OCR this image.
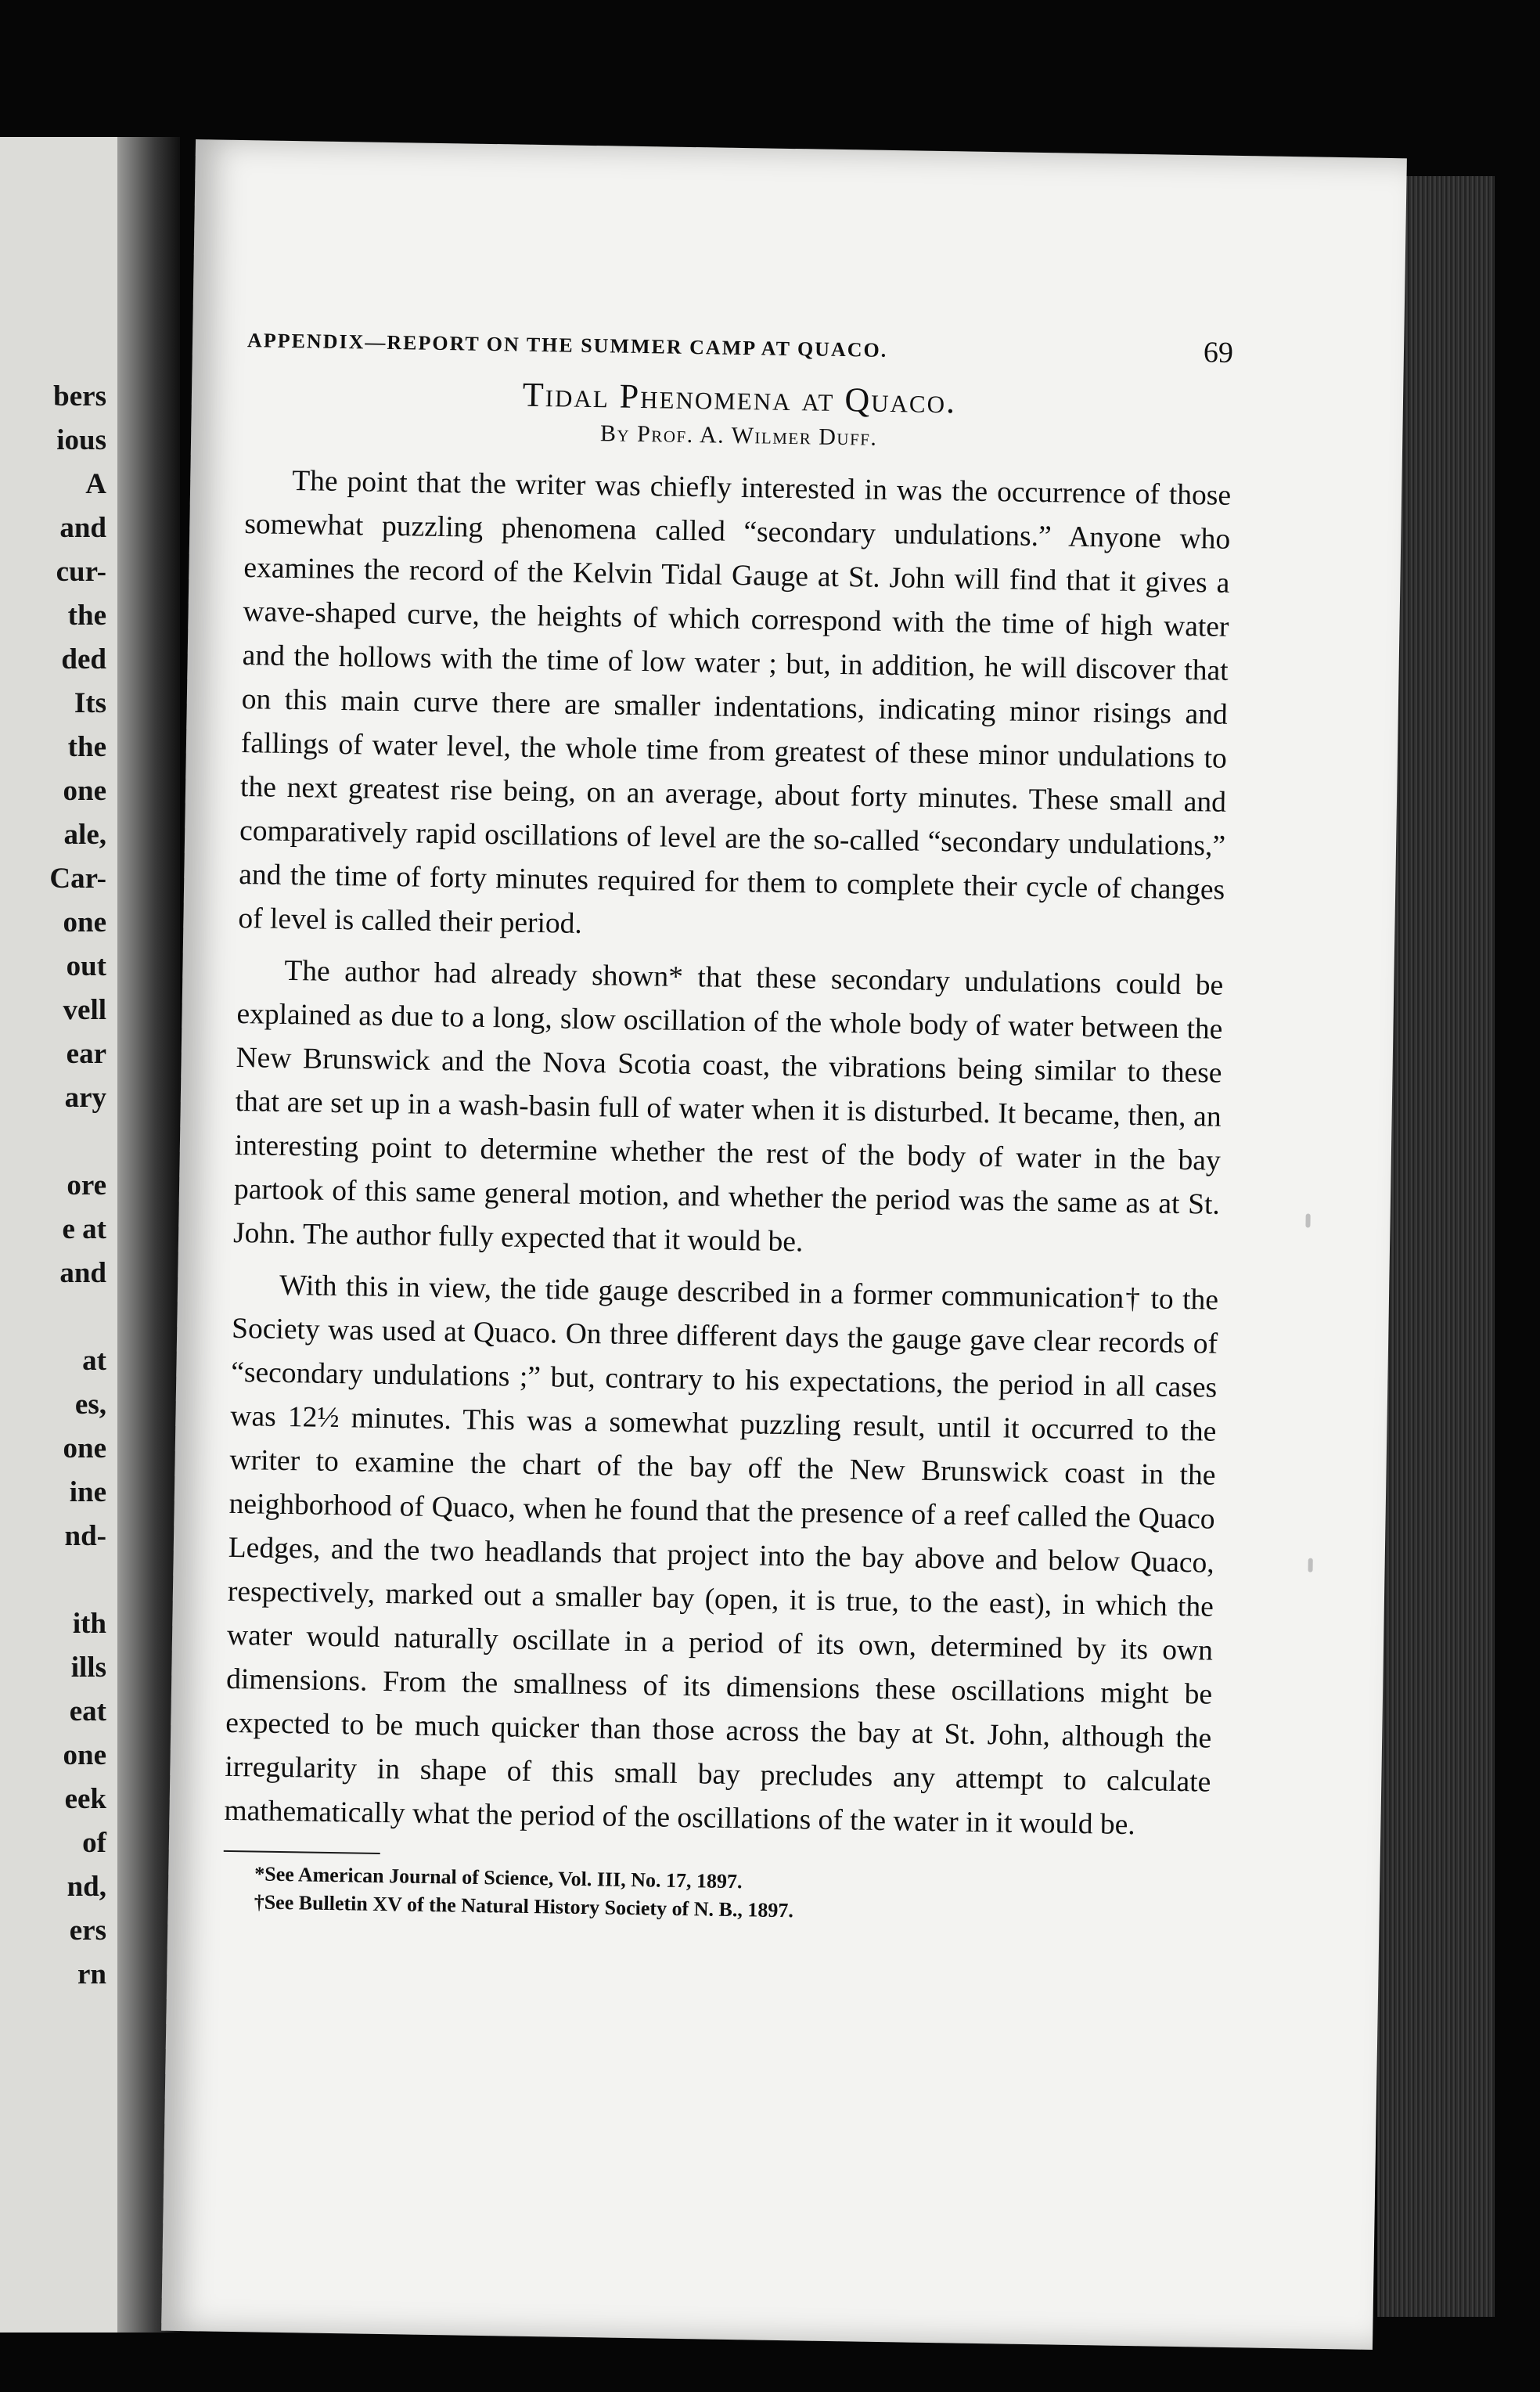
bers
ious
A
and
cur-
the
ded
Its
the
one
ale,
Car-
one
out
vell
ear
ary
ore
e at
and
at
es,
one
ine
nd-
ith
ills
eat
one
eek
of
nd,
ers
rn
APPENDIX—REPORT ON THE SUMMER CAMP AT QUACO.	69
Tidal Phenomena at Quaco.
By Prof. A. Wilmer Duff.

The point that the writer was chiefly interested in was the occurrence of those somewhat puzzling phenomena called “secondary undulations.” Anyone who examines the record of the Kelvin Tidal Gauge at St. John will find that it gives a wave-shaped curve, the heights of which correspond with the time of high water and the hollows with the time of low water ; but, in addition, he will discover that on this main curve there are smaller indentations, indicating minor risings and fallings of water level, the whole time from greatest of these minor undulations to the next greatest rise being, on an average, about forty minutes. These small and comparatively rapid oscillations of level are the so-called “secondary undulations,” and the time of forty minutes required for them to complete their cycle of changes of level is called their period.

The author had already shown* that these secondary undulations could be explained as due to a long, slow oscillation of the whole body of water between the New Brunswick and the Nova Scotia coast, the vibrations being similar to these that are set up in a wash-basin full of water when it is disturbed. It became, then, an interesting point to determine whether the rest of the body of water in the bay partook of this same general motion, and whether the period was the same as at St. John. The author fully expected that it would be.

With this in view, the tide gauge described in a former communication† to the Society was used at Quaco. On three different days the gauge gave clear records of “secondary undulations ;” but, contrary to his expectations, the period in all cases was 12½ minutes. This was a somewhat puzzling result, until it occurred to the writer to examine the chart of the bay off the New Brunswick coast in the neighborhood of Quaco, when he found that the presence of a reef called the Quaco Ledges, and the two headlands that project into the bay above and below Quaco, respectively, marked out a smaller bay (open, it is true, to the east), in which the water would naturally oscillate in a period of its own, determined by its own dimensions. From the smallness of its dimensions these oscillations might be expected to be much quicker than those across the bay at St. John, although the irregularity in shape of this small bay precludes any attempt to calculate mathematically what the period of the oscillations of the water in it would be.

*See American Journal of Science, Vol. III, No. 17, 1897.
†See Bulletin XV of the Natural History Society of N. B., 1897.
